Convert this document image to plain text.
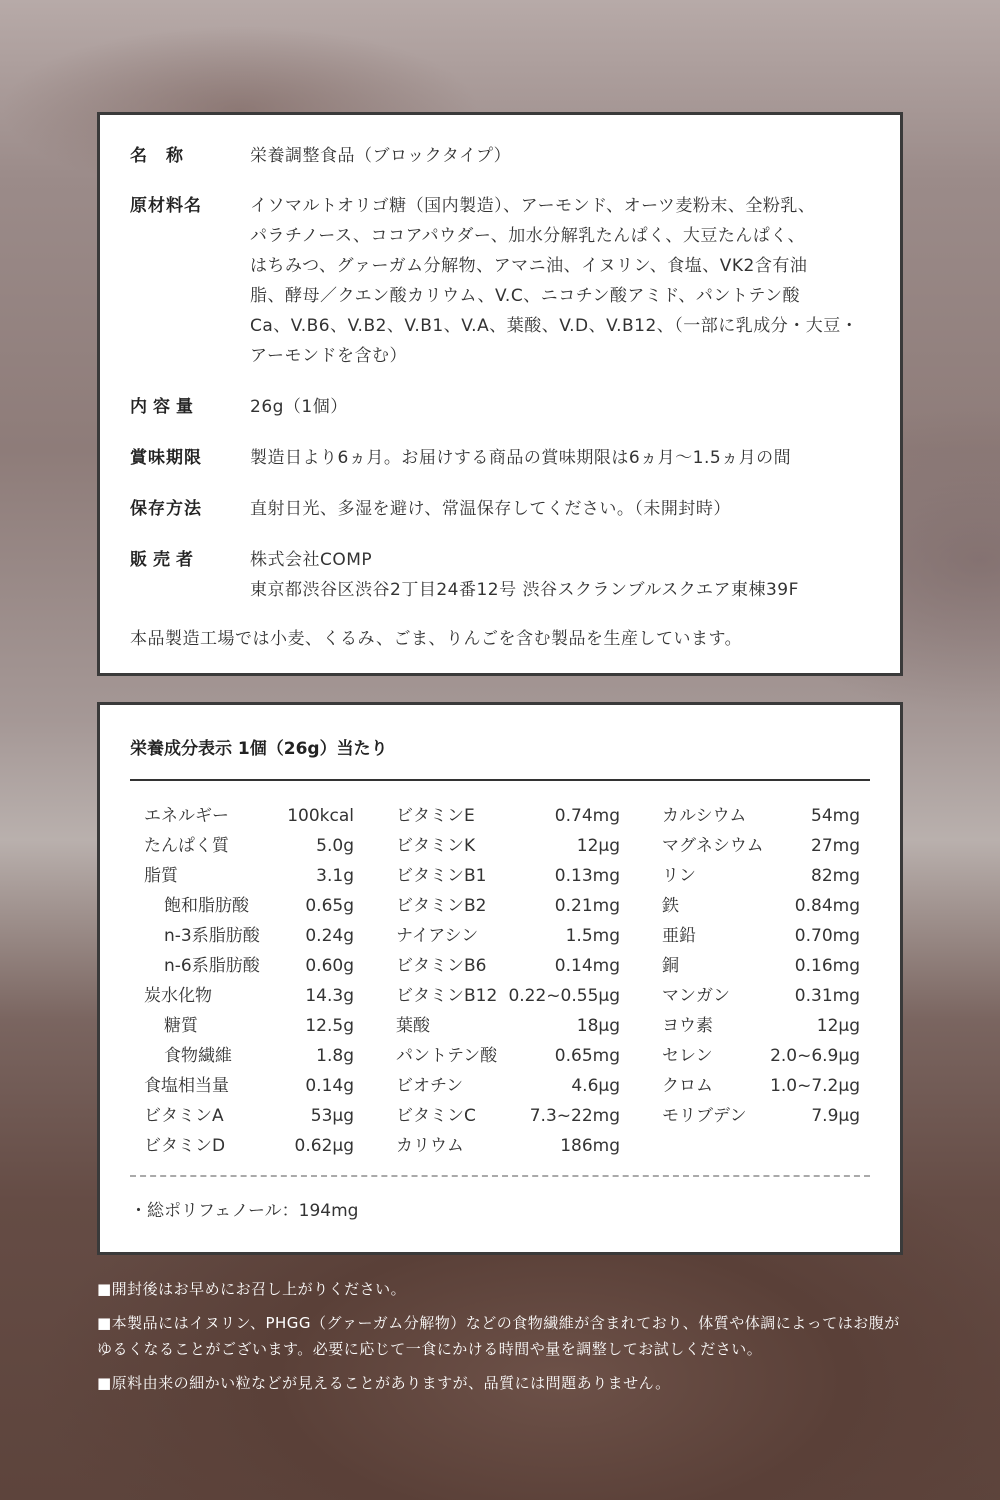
名　称	栄養調整食品（ブロックタイプ）
原材料名	イソマルトオリゴ糖（国内製造）、アーモンド、オーツ麦粉末、全粉乳、
パラチノース、ココアパウダー、加水分解乳たんぱく、大豆たんぱく、
はちみつ、グァーガム分解物、アマニ油、イヌリン、食塩、VK2含有油
脂、酵母／クエン酸カリウム、V.C、ニコチン酸アミド、パントテン酸
Ca、V.B6、V.B2、V.B1、V.A、葉酸、V.D、V.B12、（一部に乳成分・大豆・
アーモンドを含む）
内容量	26g（1個）
賞味期限	製造日より6ヵ月。お届けする商品の賞味期限は6ヵ月〜1.5ヵ月の間
保存方法	直射日光、多湿を避け、常温保存してください。（未開封時）
販売者	株式会社COMP
東京都渋谷区渋谷2丁目24番12号 渋谷スクランブルスクエア東棟39F
本品製造工場では小麦、くるみ、ごま、りんごを含む製品を生産しています。
栄養成分表示 1個（26g）当たり
エネルギー	100kcal
たんぱく質	5.0g
脂質	3.1g
飽和脂肪酸	0.65g
n-3系脂肪酸	0.24g
n-6系脂肪酸	0.60g
炭水化物	14.3g
糖質	12.5g
食物繊維	1.8g
食塩相当量	0.14g
ビタミンA	53μg
ビタミンD	0.62μg
ビタミンE	0.74mg
ビタミンK	12μg
ビタミンB1	0.13mg
ビタミンB2	0.21mg
ナイアシン	1.5mg
ビタミンB6	0.14mg
ビタミンB12 0.22~0.55μg
葉酸	18μg
パントテン酸	0.65mg
ビオチン	4.6μg
ビタミンC	7.3~22mg
カリウム	186mg
カルシウム	54mg
マグネシウム	27mg
リン	82mg
鉄	0.84mg
亜鉛	0.70mg
銅	0.16mg
マンガン	0.31mg
ヨウ素	12μg
セレン	2.0~6.9μg
クロム	1.0~7.2μg
モリブデン	7.9μg
・総ポリフェノール：194mg

■開封後はお早めにお召し上がりください。

■本製品にはイヌリン、PHGG（グァーガム分解物）などの食物繊維が含まれており、体質や体調によってはお腹がゆるくなることがございます。必要に応じて一食にかける時間や量を調整してお試しください。

■原料由来の細かい粒などが見えることがありますが、品質には問題ありません。
